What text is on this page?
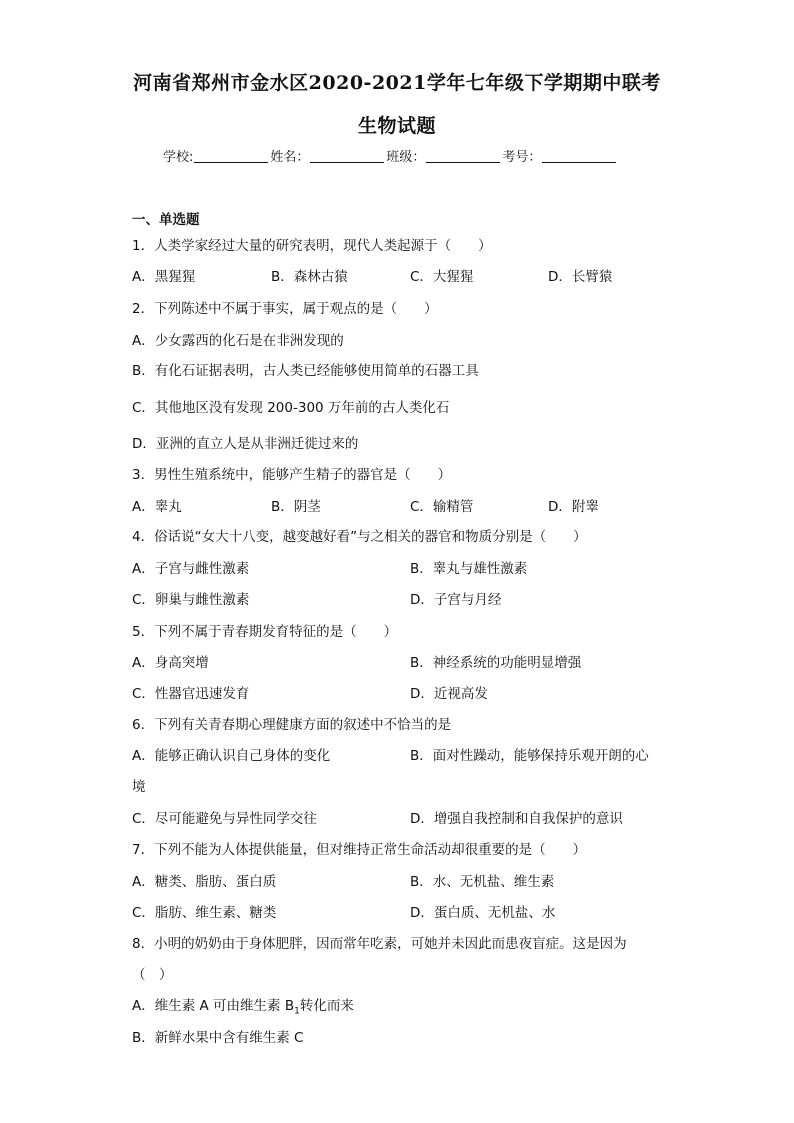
河南省郑州市金水区2020-2021学年七年级下学期期中联考
生物试题
学校:	姓名：	班级：	考号：
一、单选题
1．人类学家经过大量的研究表明，现代人类起源于（　　）
A．黑猩猩	B．森林古猿	C．大猩猩	D．长臂猿
2．下列陈述中不属于事实，属于观点的是（　　）
A．少女露西的化石是在非洲发现的
B．有化石证据表明，古人类已经能够使用简单的石器工具
C．其他地区没有发现 200-300 万年前的古人类化石
D．亚洲的直立人是从非洲迁徙过来的
3．男性生殖系统中，能够产生精子的器官是（　　）
A．睾丸	B．阴茎	C．输精管	D．附睾
4．俗话说“女大十八变，越变越好看”与之相关的器官和物质分别是（　　）
A．子宫与雌性激素	B．睾丸与雄性激素
C．卵巢与雌性激素	D．子宫与月经
5．下列不属于青春期发育特征的是（　　）
A．身高突增	B．神经系统的功能明显增强
C．性器官迅速发育	D．近视高发
6．下列有关青春期心理健康方面的叙述中不恰当的是
A．能够正确认识自己身体的变化	B．面对性躁动，能够保持乐观开朗的心
境
C．尽可能避免与异性同学交往	D．增强自我控制和自我保护的意识
7．下列不能为人体提供能量，但对维持正常生命活动却很重要的是（　　）
A．糖类、脂肪、蛋白质	B．水、无机盐、维生素
C．脂肪、维生素、糖类	D．蛋白质、无机盐、水
8．小明的奶奶由于身体肥胖，因而常年吃素，可她并未因此而患夜盲症。这是因为
（　）
A．维生素 A 可由维生素 $B_1$转化而来
B．新鲜水果中含有维生素 C
